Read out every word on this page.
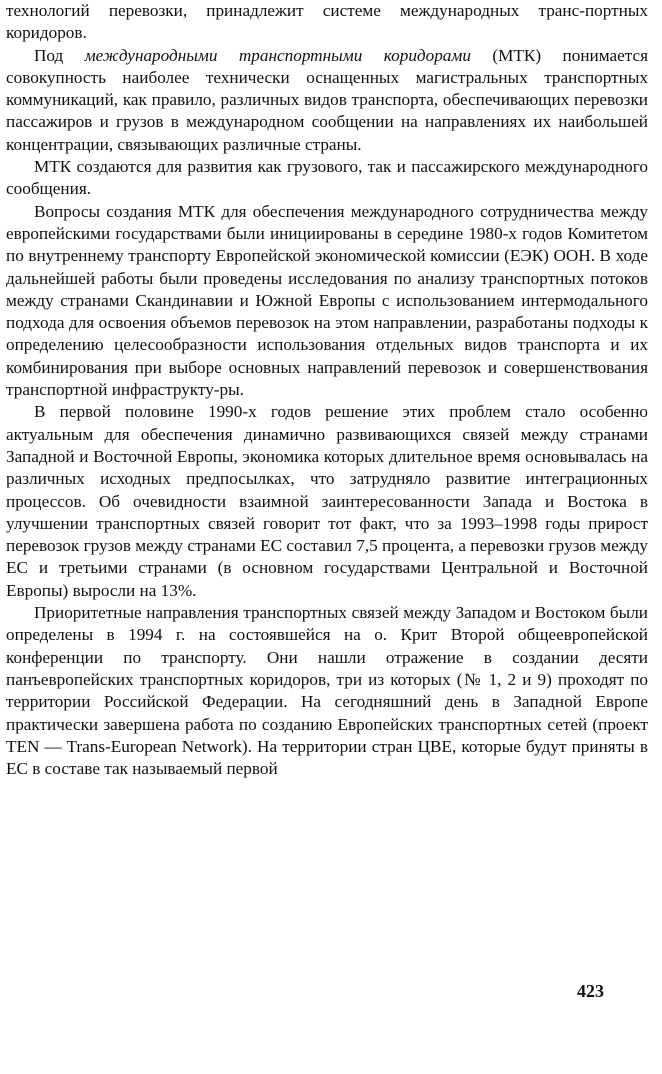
технологий перевозки, принадлежит системе международных транс-портных коридоров.

Под международными транспортными коридорами (МТК) понимается совокупность наиболее технически оснащенных магистральных транспортных коммуникаций, как правило, различных видов транспорта, обеспечивающих перевозки пассажиров и грузов в международном сообщении на направлениях их наибольшей концентрации, связывающих различные страны.

МТК создаются для развития как грузового, так и пассажирского международного сообщения.

Вопросы создания МТК для обеспечения международного сотрудничества между европейскими государствами были инициированы в середине 1980-х годов Комитетом по внутреннему транспорту Европейской экономической комиссии (ЕЭК) ООН. В ходе дальнейшей работы были проведены исследования по анализу транспортных потоков между странами Скандинавии и Южной Европы с использованием интермодального подхода для освоения объемов перевозок на этом направлении, разработаны подходы к определению целесообразности использования отдельных видов транспорта и их комбинирования при выборе основных направлений перевозок и совершенствования транспортной инфраструкту-ры.

В первой половине 1990-х годов решение этих проблем стало особенно актуальным для обеспечения динамично развивающихся связей между странами Западной и Восточной Европы, экономика которых длительное время основывалась на различных исходных предпосылках, что затрудняло развитие интеграционных процессов. Об очевидности взаимной заинтересованности Запада и Востока в улучшении транспортных связей говорит тот факт, что за 1993–1998 годы прирост перевозок грузов между странами ЕС составил 7,5 процента, а перевозки грузов между ЕС и третьими странами (в основном государствами Центральной и Восточной Европы) выросли на 13%.

Приоритетные направления транспортных связей между Западом и Востоком были определены в 1994 г. на состоявшейся на о. Крит Второй общеевропейской конференции по транспорту. Они нашли отражение в создании десяти панъевропейских транспортных коридоров, три из которых (№ 1, 2 и 9) проходят по территории Российской Федерации. На сегодняшний день в Западной Европе практически завершена работа по созданию Европейских транспортных сетей (проект TEN — Trans-European Network). На территории стран ЦВЕ, которые будут приняты в ЕС в составе так называемый первой

423
